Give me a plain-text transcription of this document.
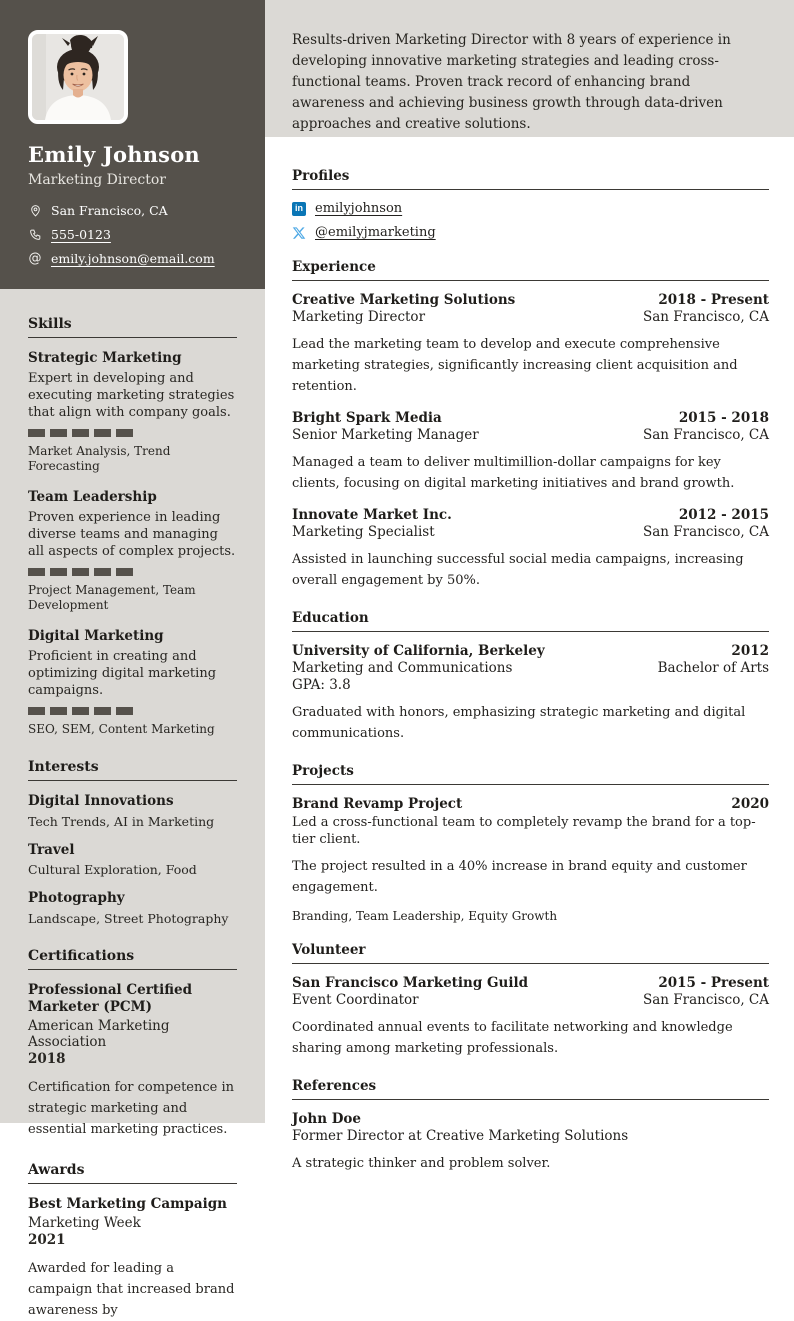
Emily Johnson
Marketing Director
San Francisco, CA
555-0123
@ emily.johnson@email.com
Skills
Strategic Marketing
Expert in developing and executing marketing strategies that align with company goals.
Market Analysis, Trend Forecasting
Team Leadership
Proven experience in leading diverse teams and managing all aspects of complex projects.
Project Management, Team Development
Digital Marketing
Proficient in creating and optimizing digital marketing campaigns.
SEO, SEM, Content Marketing
Interests
Digital Innovations
Tech Trends, AI in Marketing
Travel
Cultural Exploration, Food
Photography
Landscape, Street Photography
Certifications
Professional Certified Marketer (PCM)
American Marketing Association
2018
Certification for competence in strategic marketing and essential marketing practices.
Awards
Best Marketing Campaign
Marketing Week
2021
Awarded for leading a campaign that increased brand awareness by
Results-driven Marketing Director with 8 years of experience in developing innovative marketing strategies and leading cross-functional teams. Proven track record of enhancing brand awareness and achieving business growth through data-driven approaches and creative solutions.
Profiles
in emilyjohnson
@emilyjmarketing
Experience
Creative Marketing Solutions	2018 - Present
Marketing Director	San Francisco, CA
Lead the marketing team to develop and execute comprehensive marketing strategies, significantly increasing client acquisition and retention.
Bright Spark Media	2015 - 2018
Senior Marketing Manager	San Francisco, CA
Managed a team to deliver multimillion-dollar campaigns for key clients, focusing on digital marketing initiatives and brand growth.
Innovate Market Inc.	2012 - 2015
Marketing Specialist	San Francisco, CA
Assisted in launching successful social media campaigns, increasing overall engagement by 50%.
Education
University of California, Berkeley	2012
Marketing and Communications	Bachelor of Arts
GPA: 3.8
Graduated with honors, emphasizing strategic marketing and digital communications.
Projects
Brand Revamp Project	2020
Led a cross-functional team to completely revamp the brand for a top-tier client.
The project resulted in a 40% increase in brand equity and customer engagement.
Branding, Team Leadership, Equity Growth
Volunteer
San Francisco Marketing Guild	2015 - Present
Event Coordinator	San Francisco, CA
Coordinated annual events to facilitate networking and knowledge sharing among marketing professionals.
References
John Doe
Former Director at Creative Marketing Solutions
A strategic thinker and problem solver.
